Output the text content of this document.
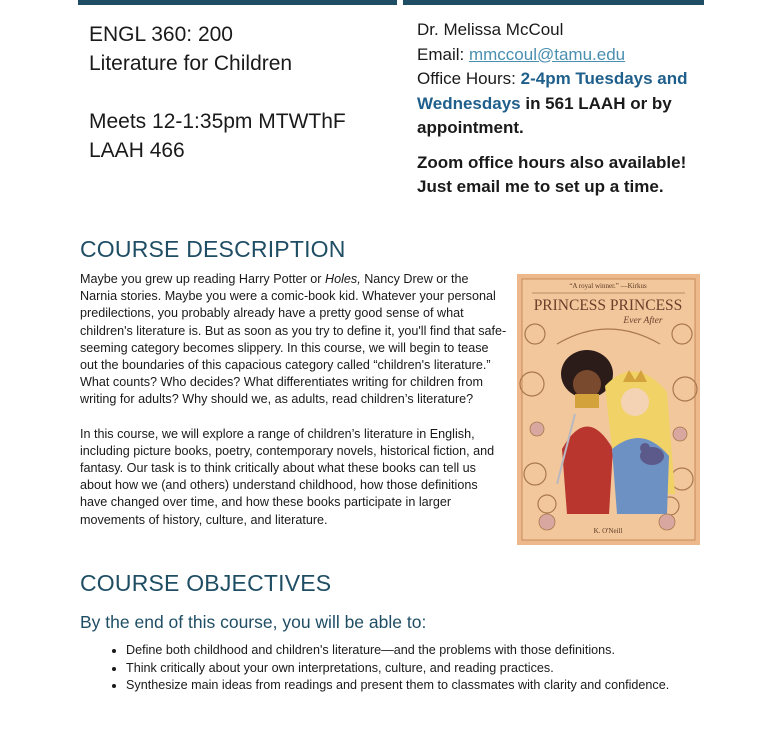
ENGL 360: 200
Literature for Children
Meets 12-1:35pm MTWThF
LAAH 466
Dr. Melissa McCoul
Email: mmccoul@tamu.edu
Office Hours: 2-4pm Tuesdays and Wednesdays in 561 LAAH or by appointment.
Zoom office hours also available! Just email me to set up a time.
COURSE DESCRIPTION

Maybe you grew up reading Harry Potter or Holes, Nancy Drew or the Narnia stories. Maybe you were a comic-book kid. Whatever your personal predilections, you probably already have a pretty good sense of what children's literature is. But as soon as you try to define it, you'll find that safe-seeming category becomes slippery. In this course, we will begin to tease out the boundaries of this capacious category called “children's literature.” What counts? Who decides? What differentiates writing for children from writing for adults? Why should we, as adults, read children’s literature?

In this course, we will explore a range of children’s literature in English, including picture books, poetry, contemporary novels, historical fiction, and fantasy. Our task is to think critically about what these books can tell us about how we (and others) understand childhood, how those definitions have changed over time, and how these books participate in larger movements of history, culture, and literature.

“A royal winner.” —Kirkus
PRINCESS PRINCESS
Ever After
K. O'Neill
COURSE OBJECTIVES
By the end of this course, you will be able to:
• Define both childhood and children's literature—and the problems with those definitions.
• Think critically about your own interpretations, culture, and reading practices.
• Synthesize main ideas from readings and present them to classmates with clarity and confidence.
